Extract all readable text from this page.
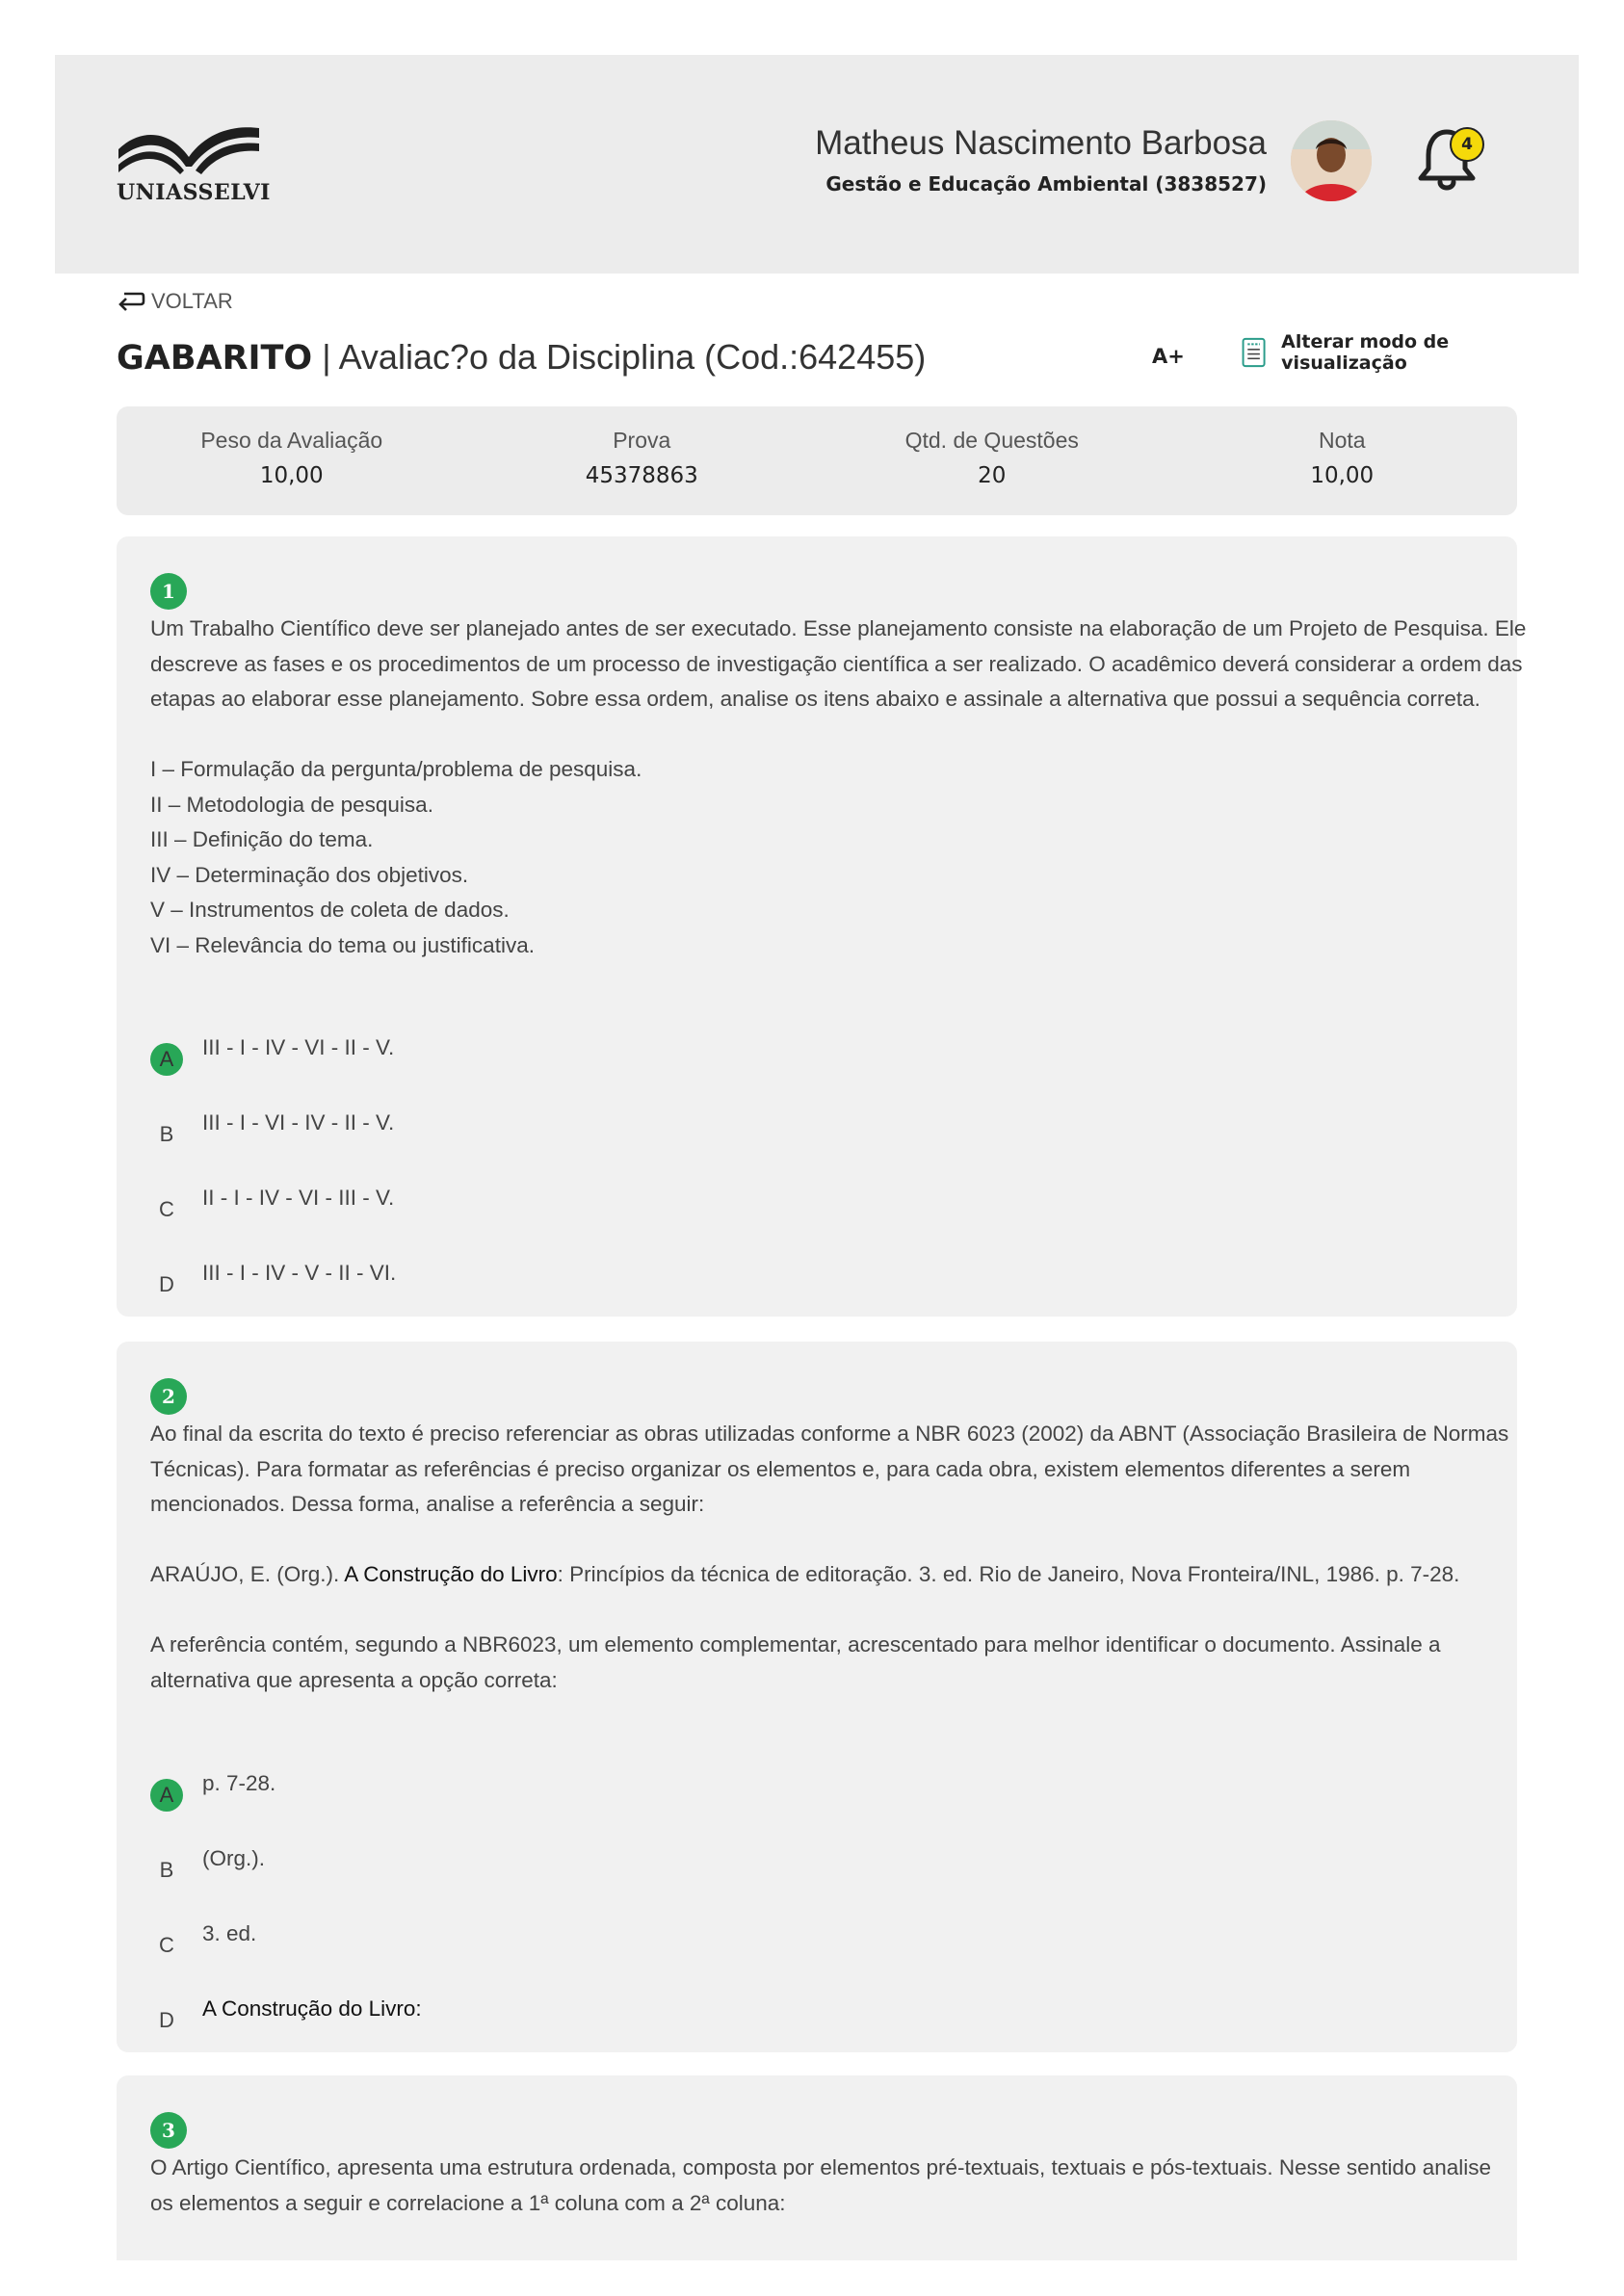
UNIASSELVI
Matheus Nascimento Barbosa
Gestão e Educação Ambiental (3838527)
4
VOLTAR
GABARITO | Avaliac?o da Disciplina (Cod.:642455)	A+
Alterar modo de visualização
Peso da Avaliação
10,00
Prova
45378863
Qtd. de Questões
20
Nota
10,00
1

Um Trabalho Científico deve ser planejado antes de ser executado. Esse planejamento consiste na elaboração de um Projeto de Pesquisa. Ele

descreve as fases e os procedimentos de um processo de investigação científica a ser realizado. O acadêmico deverá considerar a ordem das

etapas ao elaborar esse planejamento. Sobre essa ordem, analise os itens abaixo e assinale a alternativa que possui a sequência correta.

I – Formulação da pergunta/problema de pesquisa.

II – Metodologia de pesquisa.

III – Definição do tema.

IV – Determinação dos objetivos.

V – Instrumentos de coleta de dados.

VI – Relevância do tema ou justificativa.

A	III - I - IV - VI - II - V.
B	III - I - VI - IV - II - V.
C	II - I - IV - VI - III - V.
D	III - I - IV - V - II - VI.
2

Ao final da escrita do texto é preciso referenciar as obras utilizadas conforme a NBR 6023 (2002) da ABNT (Associação Brasileira de Normas

Técnicas). Para formatar as referências é preciso organizar os elementos e, para cada obra, existem elementos diferentes a serem

mencionados. Dessa forma, analise a referência a seguir:

ARAÚJO, E. (Org.). A Construção do Livro: Princípios da técnica de editoração. 3. ed. Rio de Janeiro, Nova Fronteira/INL, 1986. p. 7-28.

A referência contém, segundo a NBR6023, um elemento complementar, acrescentado para melhor identificar o documento. Assinale a

alternativa que apresenta a opção correta:

A	p. 7-28.
B	(Org.).
C	3. ed.
D	A Construção do Livro:
3

O Artigo Científico, apresenta uma estrutura ordenada, composta por elementos pré-textuais, textuais e pós-textuais. Nesse sentido analise

os elementos a seguir e correlacione a 1ª coluna com a 2ª coluna:
